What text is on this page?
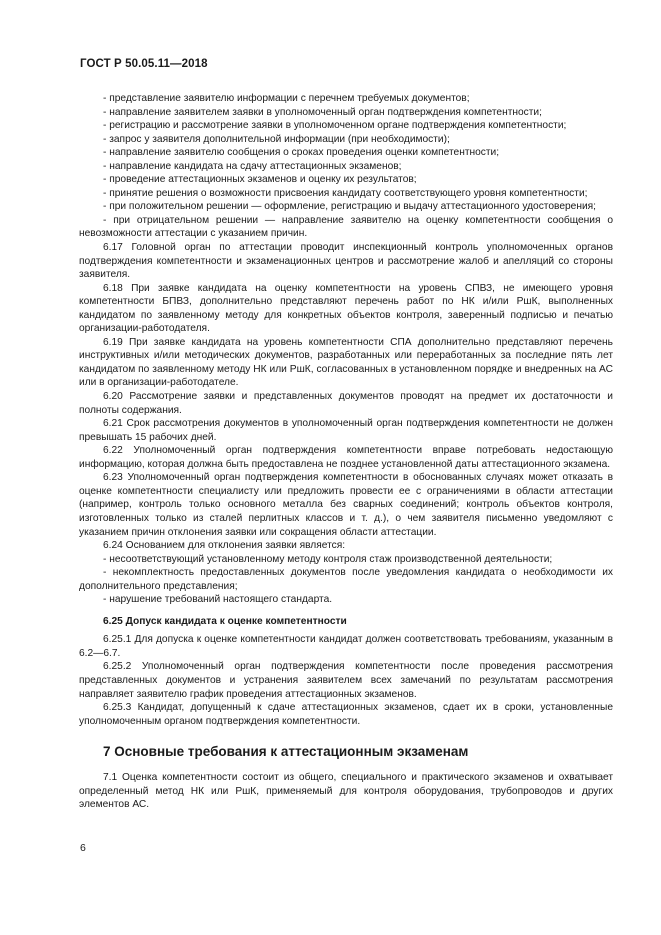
ГОСТ Р 50.05.11—2018

- представление заявителю информации с перечнем требуемых документов;

- направление заявителем заявки в уполномоченный орган подтверждения компетентности;

- регистрацию и рассмотрение заявки в уполномоченном органе подтверждения компетентности;

- запрос у заявителя дополнительной информации (при необходимости);

- направление заявителю сообщения о сроках проведения оценки компетентности;

- направление кандидата на сдачу аттестационных экзаменов;

- проведение аттестационных экзаменов и оценку их результатов;

- принятие решения о возможности присвоения кандидату соответствующего уровня компетентности;

- при положительном решении — оформление, регистрацию и выдачу аттестационного удостоверения;

- при отрицательном решении — направление заявителю на оценку компетентности сообщения о невозможности аттестации с указанием причин.

6.17 Головной орган по аттестации проводит инспекционный контроль уполномоченных органов подтверждения компетентности и экзаменационных центров и рассмотрение жалоб и апелляций со стороны заявителя.

6.18 При заявке кандидата на оценку компетентности на уровень СПВЗ, не имеющего уровня компетентности БПВЗ, дополнительно представляют перечень работ по НК и/или РшК, выполненных кандидатом по заявленному методу для конкретных объектов контроля, заверенный подписью и печатью организации-работодателя.

6.19 При заявке кандидата на уровень компетентности СПА дополнительно представляют перечень инструктивных и/или методических документов, разработанных или переработанных за последние пять лет кандидатом по заявленному методу НК или РшК, согласованных в установленном порядке и внедренных на АС или в организации-работодателе.

6.20 Рассмотрение заявки и представленных документов проводят на предмет их достаточности и полноты содержания.

6.21 Срок рассмотрения документов в уполномоченный орган подтверждения компетентности не должен превышать 15 рабочих дней.

6.22 Уполномоченный орган подтверждения компетентности вправе потребовать недостающую информацию, которая должна быть предоставлена не позднее установленной даты аттестационного экзамена.

6.23 Уполномоченный орган подтверждения компетентности в обоснованных случаях может отказать в оценке компетентности специалисту или предложить провести ее с ограничениями в области аттестации (например, контроль только основного металла без сварных соединений; контроль объектов контроля, изготовленных только из сталей перлитных классов и т. д.), о чем заявителя письменно уведомляют с указанием причин отклонения заявки или сокращения области аттестации.

6.24 Основанием для отклонения заявки является:

- несоответствующий установленному методу контроля стаж производственной деятельности;

- некомплектность предоставленных документов после уведомления кандидата о необходимости их дополнительного представления;

- нарушение требований настоящего стандарта.

6.25 Допуск кандидата к оценке компетентности

6.25.1 Для допуска к оценке компетентности кандидат должен соответствовать требованиям, указанным в 6.2—6.7.

6.25.2 Уполномоченный орган подтверждения компетентности после проведения рассмотрения представленных документов и устранения заявителем всех замечаний по результатам рассмотрения направляет заявителю график проведения аттестационных экзаменов.

6.25.3 Кандидат, допущенный к сдаче аттестационных экзаменов, сдает их в сроки, установленные уполномоченным органом подтверждения компетентности.

7 Основные требования к аттестационным экзаменам

7.1 Оценка компетентности состоит из общего, специального и практического экзаменов и охватывает определенный метод НК или РшК, применяемый для контроля оборудования, трубопроводов и других элементов АС.

6
